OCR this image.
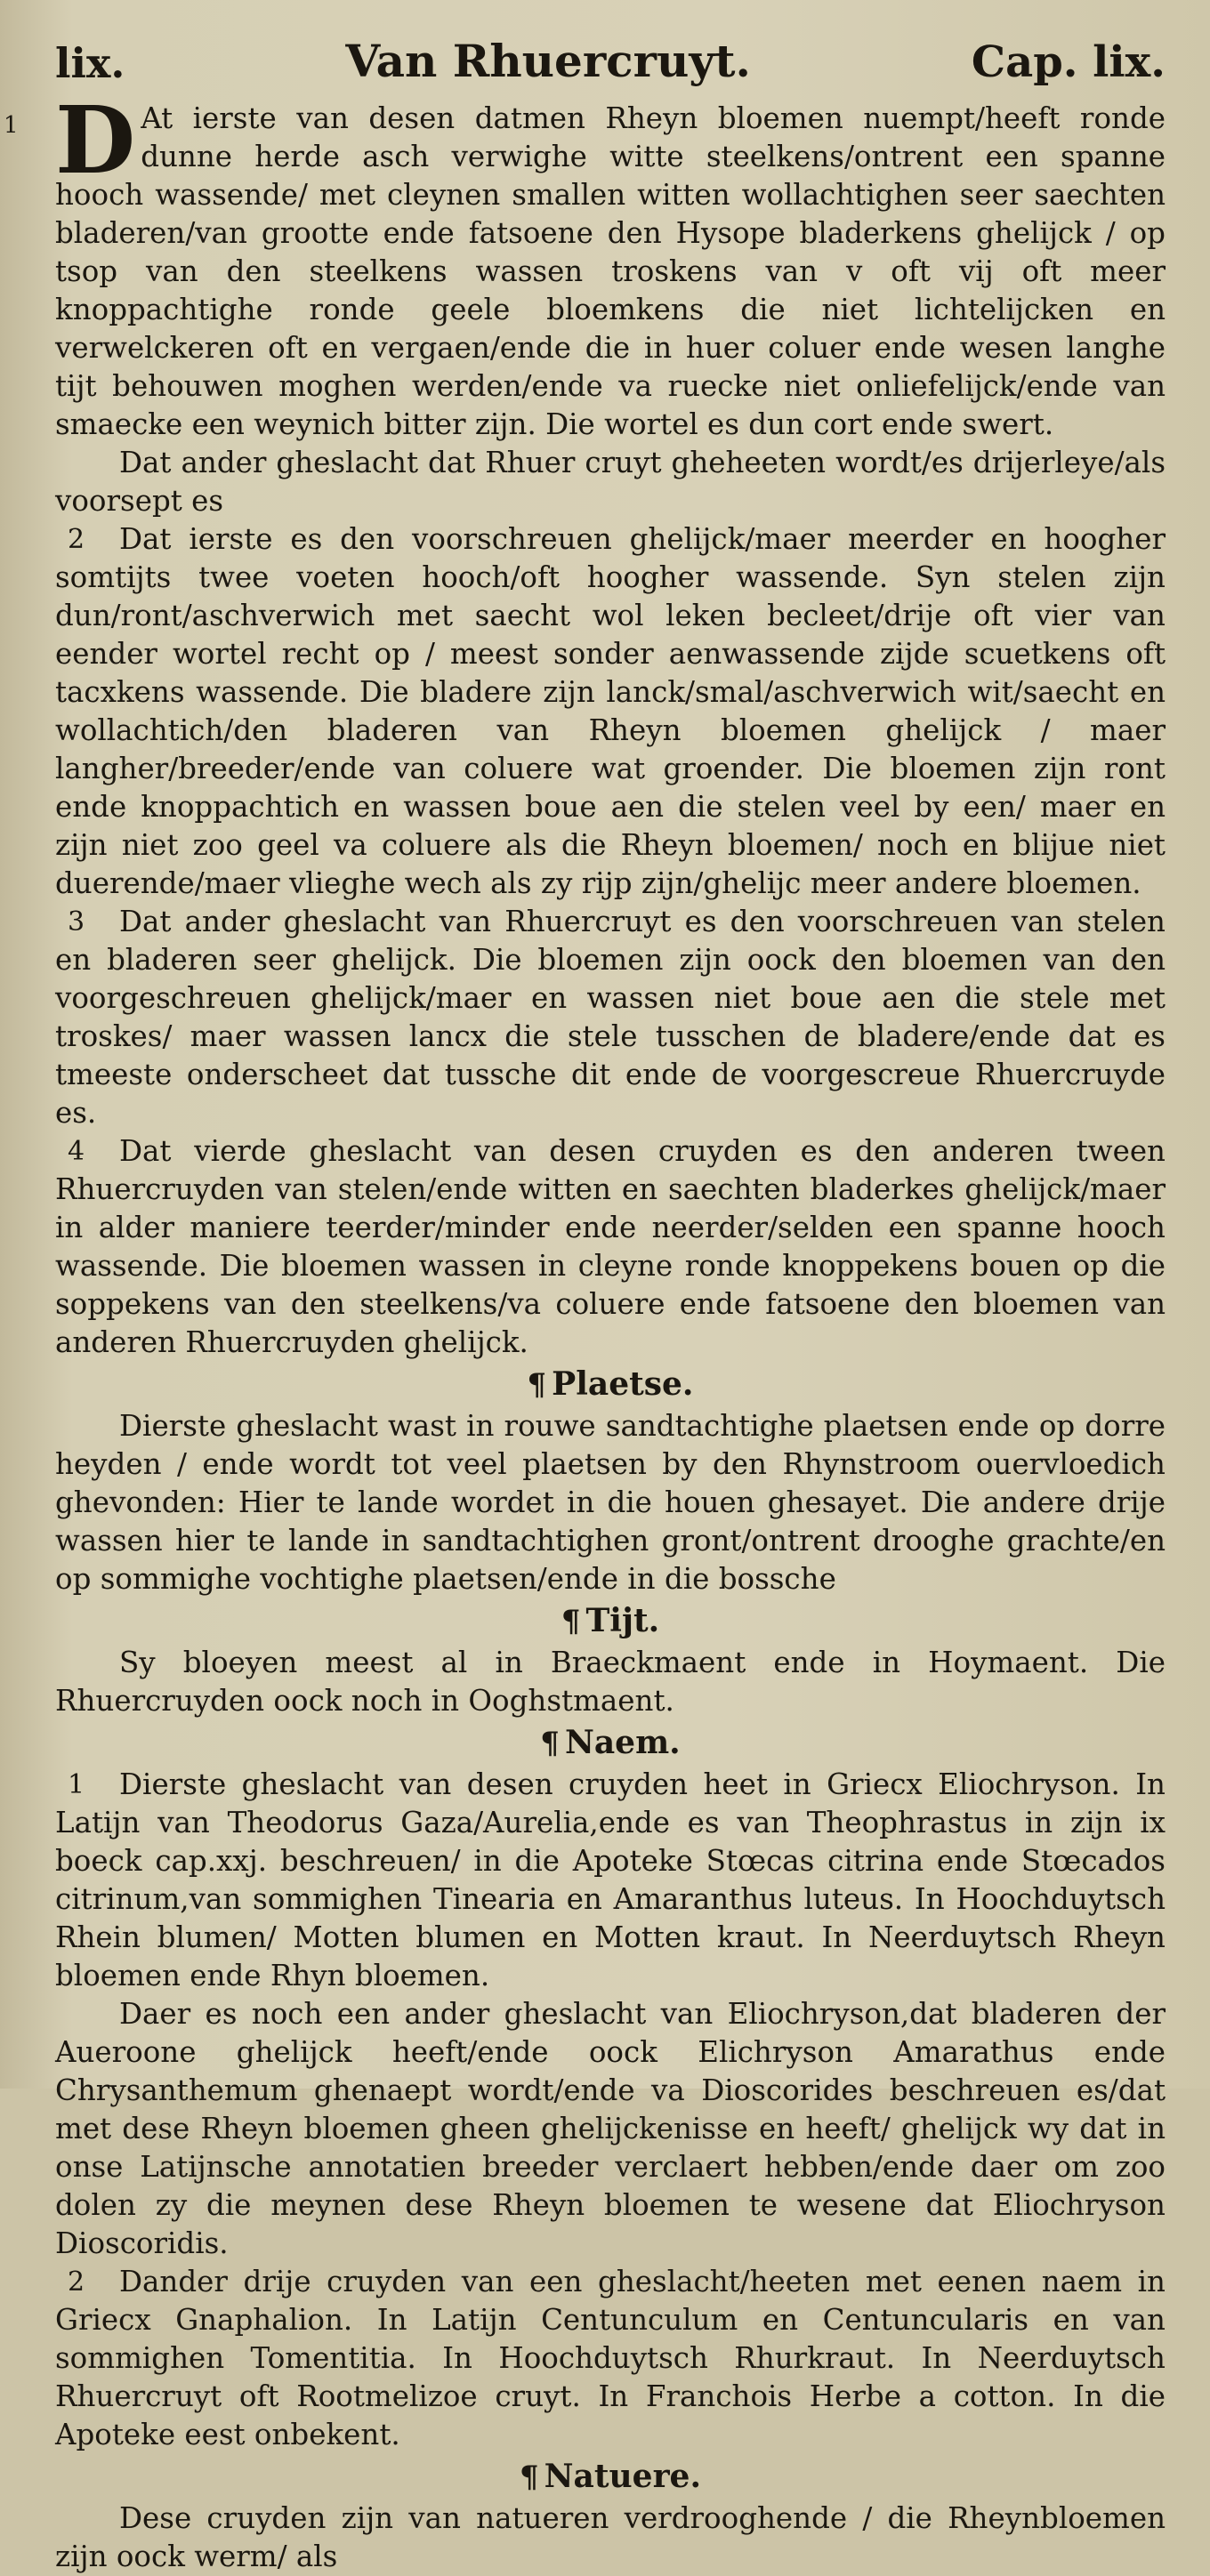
lix.	Van Rhuercruyt.	Cap. lix.
1 D At ierste van desen datmen Rheyn bloemen nuempt/heeft ronde dunne herde asch verwighe witte steelkens/ontrent een spanne hooch wassende/ met cleynen smallen witten wollachtighen seer saechten bladeren/van grootte ende fatsoene den Hysope bladerkens ghelijck / op tsop van den steelkens wassen troskens van v oft vij oft meer knoppachtighe ronde geele bloemkens die niet lichtelijcken en verwelckeren oft en vergaen/ende die in huer coluer ende wesen langhe tijt behouwen moghen werden/ende va ruecke niet onliefelijck/ende van smaecke een weynich bitter zijn. Die wortel es dun cort ende swert.
Dat ander gheslacht dat Rhuer cruyt gheheeten wordt/es drijerleye/als voorsept es
2 Dat ierste es den voorschreuen ghelijck/maer meerder en hoogher somtijts twee voeten hooch/oft hoogher wassende. Syn stelen zijn dun/ront/aschverwich met saecht wol leken becleet/drije oft vier van eender wortel recht op / meest sonder aenwassende zijde scuetkens oft tacxkens wassende. Die bladere zijn lanck/smal/aschverwich wit/saecht en wollachtich/den bladeren van Rheyn bloemen ghelijck / maer langher/breeder/ende van coluere wat groender. Die bloemen zijn ront ende knoppachtich en wassen boue aen die stelen veel by een/ maer en zijn niet zoo geel va coluere als die Rheyn bloemen/ noch en blijue niet duerende/maer vlieghe wech als zy rijp zijn/ghelijc meer andere bloemen.
3 Dat ander gheslacht van Rhuercruyt es den voorschreuen van stelen en bladeren seer ghelijck. Die bloemen zijn oock den bloemen van den voorgeschreuen ghelijck/maer en wassen niet boue aen die stele met troskes/ maer wassen lancx die stele tusschen de bladere/ende dat es tmeeste onderscheet dat tussche dit ende de voorgescreue Rhuercruyde es.
4 Dat vierde gheslacht van desen cruyden es den anderen tween Rhuercruyden van stelen/ende witten en saechten bladerkes ghelijck/maer in alder maniere teerder/minder ende neerder/selden een spanne hooch wassende. Die bloemen wassen in cleyne ronde knoppekens bouen op die soppekens van den steelkens/va coluere ende fatsoene den bloemen van anderen Rhuercruyden ghelijck.
¶ Plaetse.
Dierste gheslacht wast in rouwe sandtachtighe plaetsen ende op dorre heyden / ende wordt tot veel plaetsen by den Rhynstroom ouervloedich ghevonden: Hier te lande wordet in die houen ghesayet. Die andere drije wassen hier te lande in sandtachtighen gront/ontrent drooghe grachte/en op sommighe vochtighe plaetsen/ende in die bossche
¶ Tijt.
Sy bloeyen meest al in Braeckmaent ende in Hoymaent. Die Rhuercruyden oock noch in Ooghstmaent.
¶ Naem.
1 Dierste gheslacht van desen cruyden heet in Griecx Eliochryson. In Latijn van Theodorus Gaza/Aurelia,ende es van Theophrastus in zijn ix boeck cap.xxj. beschreuen/ in die Apoteke Stœcas citrina ende Stœcados citrinum,van sommighen Tinearia en Amaranthus luteus. In Hoochduytsch Rhein blumen/ Motten blumen en Motten kraut. In Neerduytsch Rheyn bloemen ende Rhyn bloemen.
Daer es noch een ander gheslacht van Eliochryson,dat bladeren der Aueroone ghelijck heeft/ende oock Elichryson Amarathus ende Chrysanthemum ghenaept wordt/ende va Dioscorides beschreuen es/dat met dese Rheyn bloemen gheen ghelijckenisse en heeft/ ghelijck wy dat in onse Latijnsche annotatien breeder verclaert hebben/ende daer om zoo dolen zy die meynen dese Rheyn bloemen te wesene dat Eliochryson Dioscoridis.
2 Dander drije cruyden van een gheslacht/heeten met eenen naem in Griecx Gnaphalion. In Latijn Centunculum en Centuncularis en van sommighen Tomentitia. In Hoochduytsch Rhurkraut. In Neerduytsch Rhuercruyt oft Rootmelizoe cruyt. In Franchois Herbe a cotton. In die Apoteke eest onbekent.
¶ Natuere.
Dese cruyden zijn van natueren verdrooghende / die Rheynbloemen zijn oock werm/ als
